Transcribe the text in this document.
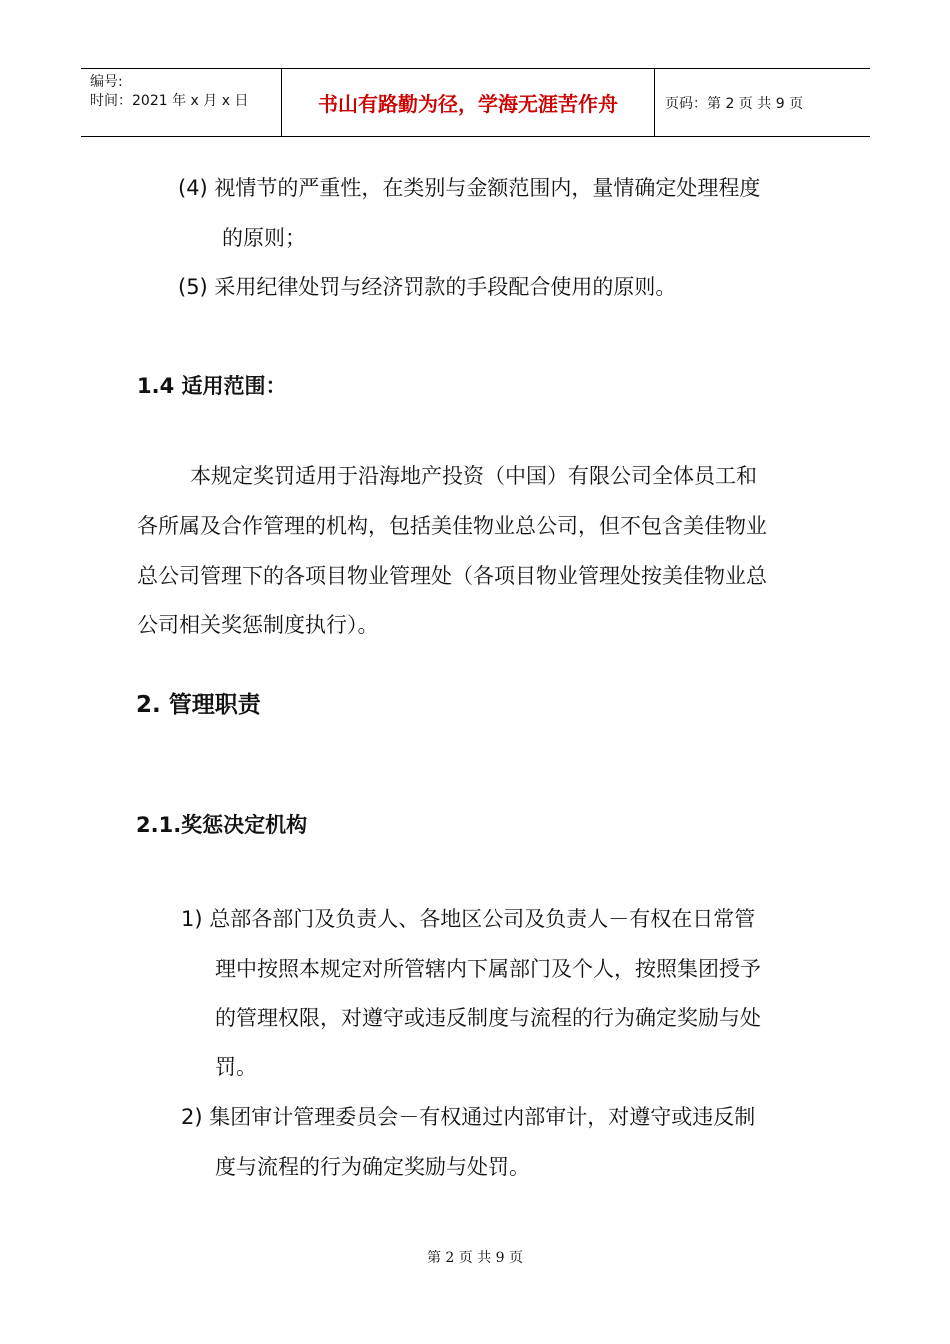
编号:
时间：2021 年 x 月 x 日	书山有路勤为径，学海无涯苦作舟	页码：第 2 页 共 9 页
(4) 视情节的严重性，在类别与金额范围内，量情确定处理程度
的原则；
(5) 采用纪律处罚与经济罚款的手段配合使用的原则。
1.4 适用范围：
本规定奖罚适用于沿海地产投资（中国）有限公司全体员工和
各所属及合作管理的机构，包括美佳物业总公司，但不包含美佳物业
总公司管理下的各项目物业管理处（各项目物业管理处按美佳物业总
公司相关奖惩制度执行）。
2. 管理职责
2.1.奖惩决定机构
1) 总部各部门及负责人、各地区公司及负责人－有权在日常管
理中按照本规定对所管辖内下属部门及个人，按照集团授予
的管理权限，对遵守或违反制度与流程的行为确定奖励与处
罚。
2) 集团审计管理委员会－有权通过内部审计，对遵守或违反制
度与流程的行为确定奖励与处罚。
第 2 页 共 9 页
